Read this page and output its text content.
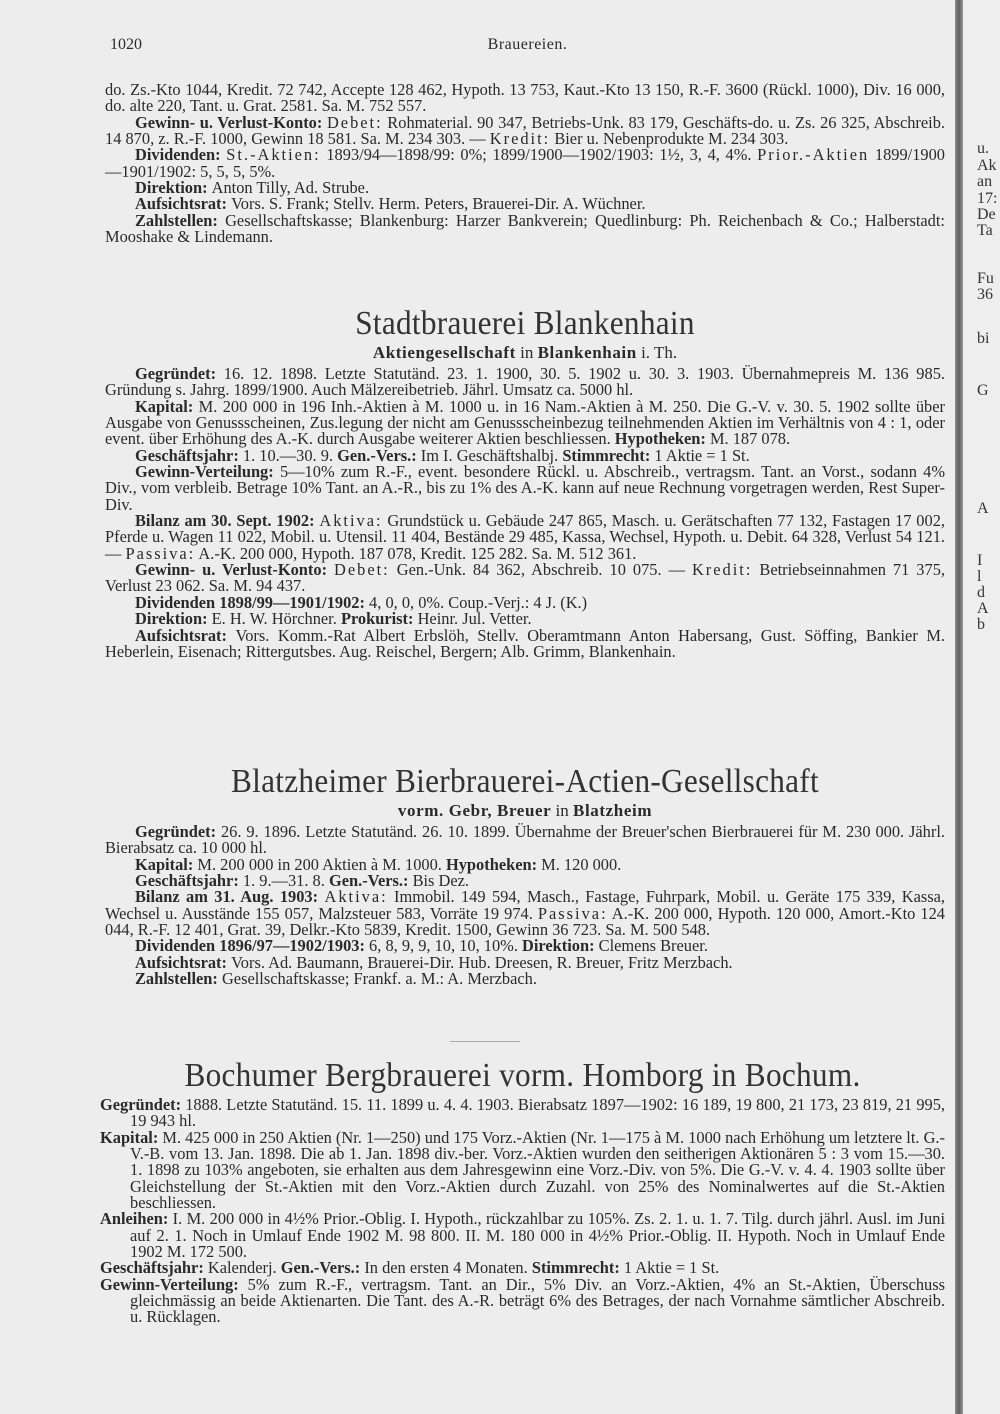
1020	Brauereien.

do. Zs.-Kto 1044, Kredit. 72 742, Accepte 128 462, Hypoth. 13 753, Kaut.-Kto 13 150, R.-F. 3600 (Rückl. 1000), Div. 16 000, do. alte 220, Tant. u. Grat. 2581. Sa. M. 752 557.

Gewinn- u. Verlust-Konto: Debet: Rohmaterial. 90 347, Betriebs-Unk. 83 179, Geschäfts-do. u. Zs. 26 325, Abschreib. 14 870, z. R.-F. 1000, Gewinn 18 581. Sa. M. 234 303. — Kredit: Bier u. Nebenprodukte M. 234 303.

Dividenden: St.-Aktien: 1893/94—1898/99: 0%; 1899/1900—1902/1903: 1½, 3, 4, 4%. Prior.-Aktien 1899/1900—1901/1902: 5, 5, 5, 5%.

Direktion: Anton Tilly, Ad. Strube.

Aufsichtsrat: Vors. S. Frank; Stellv. Herm. Peters, Brauerei-Dir. A. Wüchner.

Zahlstellen: Gesellschaftskasse; Blankenburg: Harzer Bankverein; Quedlinburg: Ph. Reichenbach & Co.; Halberstadt: Mooshake & Lindemann.

Stadtbrauerei Blankenhain
Aktiengesellschaft in Blankenhain i. Th.

Gegründet: 16. 12. 1898. Letzte Statutänd. 23. 1. 1900, 30. 5. 1902 u. 30. 3. 1903. Übernahmepreis M. 136 985. Gründung s. Jahrg. 1899/1900. Auch Mälzereibetrieb. Jährl. Umsatz ca. 5000 hl.

Kapital: M. 200 000 in 196 Inh.-Aktien à M. 1000 u. in 16 Nam.-Aktien à M. 250. Die G.-V. v. 30. 5. 1902 sollte über Ausgabe von Genussscheinen, Zus.legung der nicht am Genussscheinbezug teilnehmenden Aktien im Verhältnis von 4 : 1, oder event. über Erhöhung des A.-K. durch Ausgabe weiterer Aktien beschliessen. Hypotheken: M. 187 078.

Geschäftsjahr: 1. 10.—30. 9. Gen.-Vers.: Im I. Geschäftshalbj. Stimmrecht: 1 Aktie = 1 St.

Gewinn-Verteilung: 5—10% zum R.-F., event. besondere Rückl. u. Abschreib., vertragsm. Tant. an Vorst., sodann 4% Div., vom verbleib. Betrage 10% Tant. an A.-R., bis zu 1% des A.-K. kann auf neue Rechnung vorgetragen werden, Rest Super-Div.

Bilanz am 30. Sept. 1902: Aktiva: Grundstück u. Gebäude 247 865, Masch. u. Gerätschaften 77 132, Fastagen 17 002, Pferde u. Wagen 11 022, Mobil. u. Utensil. 11 404, Bestände 29 485, Kassa, Wechsel, Hypoth. u. Debit. 64 328, Verlust 54 121. — Passiva: A.-K. 200 000, Hypoth. 187 078, Kredit. 125 282. Sa. M. 512 361.

Gewinn- u. Verlust-Konto: Debet: Gen.-Unk. 84 362, Abschreib. 10 075. — Kredit: Betriebseinnahmen 71 375, Verlust 23 062. Sa. M. 94 437.

Dividenden 1898/99—1901/1902: 4, 0, 0, 0%. Coup.-Verj.: 4 J. (K.)

Direktion: E. H. W. Hörchner. Prokurist: Heinr. Jul. Vetter.

Aufsichtsrat: Vors. Komm.-Rat Albert Erbslöh, Stellv. Oberamtmann Anton Habersang, Gust. Söffing, Bankier M. Heberlein, Eisenach; Rittergutsbes. Aug. Reischel, Bergern; Alb. Grimm, Blankenhain.

Blatzheimer Bierbrauerei-Actien-Gesellschaft
vorm. Gebr, Breuer in Blatzheim

Gegründet: 26. 9. 1896. Letzte Statutänd. 26. 10. 1899. Übernahme der Breuer'schen Bierbrauerei für M. 230 000. Jährl. Bierabsatz ca. 10 000 hl.

Kapital: M. 200 000 in 200 Aktien à M. 1000. Hypotheken: M. 120 000.

Geschäftsjahr: 1. 9.—31. 8. Gen.-Vers.: Bis Dez.

Bilanz am 31. Aug. 1903: Aktiva: Immobil. 149 594, Masch., Fastage, Fuhrpark, Mobil. u. Geräte 175 339, Kassa, Wechsel u. Ausstände 155 057, Malzsteuer 583, Vorräte 19 974. Passiva: A.-K. 200 000, Hypoth. 120 000, Amort.-Kto 124 044, R.-F. 12 401, Grat. 39, Delkr.-Kto 5839, Kredit. 1500, Gewinn 36 723. Sa. M. 500 548.

Dividenden 1896/97—1902/1903: 6, 8, 9, 9, 10, 10, 10%. Direktion: Clemens Breuer.

Aufsichtsrat: Vors. Ad. Baumann, Brauerei-Dir. Hub. Dreesen, R. Breuer, Fritz Merzbach.

Zahlstellen: Gesellschaftskasse; Frankf. a. M.: A. Merzbach.

Bochumer Bergbrauerei vorm. Homborg in Bochum.

Gegründet: 1888. Letzte Statutänd. 15. 11. 1899 u. 4. 4. 1903. Bierabsatz 1897—1902: 16 189, 19 800, 21 173, 23 819, 21 995, 19 943 hl.

Kapital: M. 425 000 in 250 Aktien (Nr. 1—250) und 175 Vorz.-Aktien (Nr. 1—175 à M. 1000 nach Erhöhung um letztere lt. G.-V.-B. vom 13. Jan. 1898. Die ab 1. Jan. 1898 div.-ber. Vorz.-Aktien wurden den seitherigen Aktionären 5 : 3 vom 15.—30. 1. 1898 zu 103% angeboten, sie erhalten aus dem Jahresgewinn eine Vorz.-Div. von 5%. Die G.-V. v. 4. 4. 1903 sollte über Gleichstellung der St.-Aktien mit den Vorz.-Aktien durch Zuzahl. von 25% des Nominalwertes auf die St.-Aktien beschliessen.

Anleihen: I. M. 200 000 in 4½% Prior.-Oblig. I. Hypoth., rückzahlbar zu 105%. Zs. 2. 1. u. 1. 7. Tilg. durch jährl. Ausl. im Juni auf 2. 1. Noch in Umlauf Ende 1902 M. 98 800. II. M. 180 000 in 4½% Prior.-Oblig. II. Hypoth. Noch in Umlauf Ende 1902 M. 172 500.

Geschäftsjahr: Kalenderj. Gen.-Vers.: In den ersten 4 Monaten. Stimmrecht: 1 Aktie = 1 St.

Gewinn-Verteilung: 5% zum R.-F., vertragsm. Tant. an Dir., 5% Div. an Vorz.-Aktien, 4% an St.-Aktien, Überschuss gleichmässig an beide Aktienarten. Die Tant. des A.-R. beträgt 6% des Betrages, der nach Vornahme sämtlicher Abschreib. u. Rücklagen.

u.
Ak
an
17:
De
Ta
Fu
36
bi
G
A
I
l
d
A
b
